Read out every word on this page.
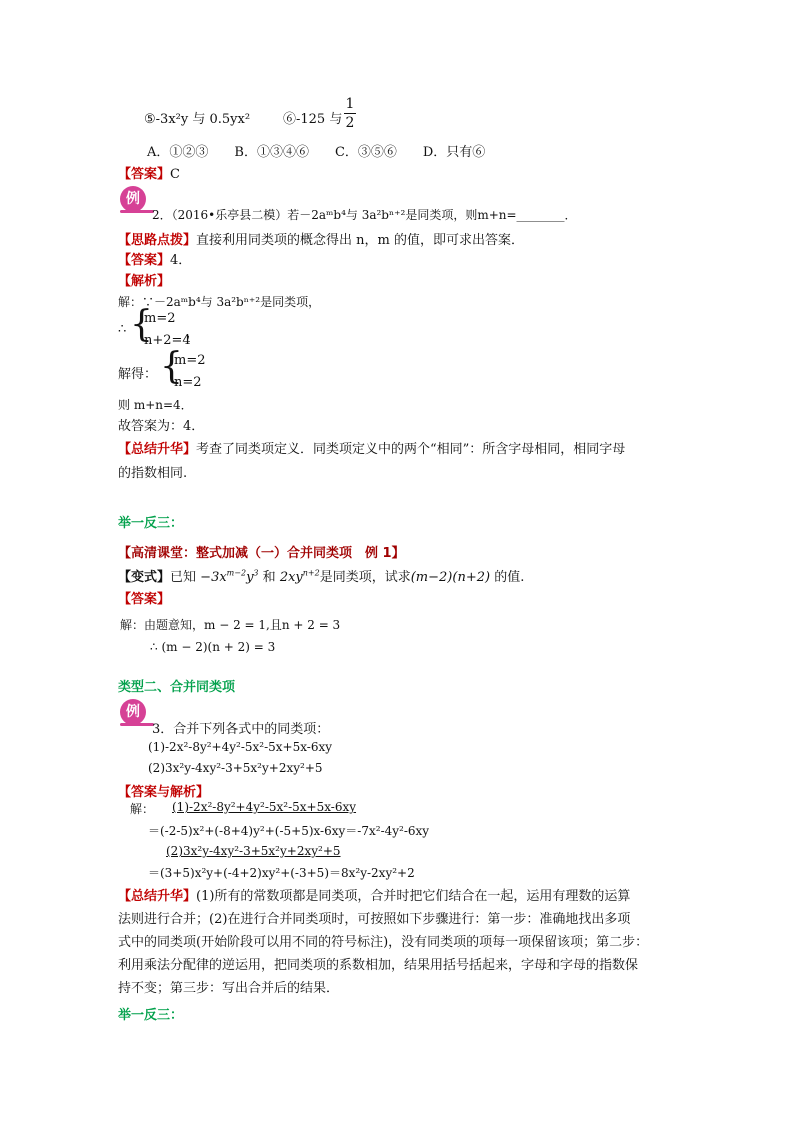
⑤-3x²y 与 0.5yx²	⑥-125 与
1
2
A．①②③　　B．①③④⑥　　C．③⑤⑥　　D．只有⑥
【答案】C
例
2．（2016•乐亭县二模）若－2aᵐb⁴与 3a²bⁿ⁺²是同类项，则m+n=________．
【思路点拨】直接利用同类项的概念得出 n，m 的值，即可求出答案．
【答案】4．
【解析】
解：∵－2aᵐb⁴与 3a²bⁿ⁺²是同类项，
∴ {
m=2
n+2=4
，
解得： {
m=2
n=2
则 m+n=4．
故答案为：4．
【总结升华】考查了同类项定义．同类项定义中的两个“相同”：所含字母相同，相同字母
的指数相同.
举一反三：
【高清课堂：整式加减（一）合并同类项　例 1】
【变式】已知 $-3x^{m-2}y^3$ 和 $2xy^{n+2}$是同类项，试求(m−2)(n+2) 的值.
【答案】
解：由题意知，m − 2 = 1,且n + 2 = 3
∴ (m − 2)(n + 2) = 3
类型二、合并同类项
例
3．合并下列各式中的同类项：
(1)-2x²-8y²+4y²-5x²-5x+5x-6xy
(2)3x²y-4xy²-3+5x²y+2xy²+5
【答案与解析】
解： (1)-2x²-8y²+4y²-5x²-5x+5x-6xy
＝(-2-5)x²+(-8+4)y²+(-5+5)x-6xy＝-7x²-4y²-6xy
(2)3x²y-4xy²-3+5x²y+2xy²+5
＝(3+5)x²y+(-4+2)xy²+(-3+5)＝8x²y-2xy²+2
【总结升华】(1)所有的常数项都是同类项，合并时把它们结合在一起，运用有理数的运算
法则进行合并；(2)在进行合并同类项时，可按照如下步骤进行：第一步：准确地找出多项
式中的同类项(开始阶段可以用不同的符号标注)，没有同类项的项每一项保留该项；第二步：
利用乘法分配律的逆运用，把同类项的系数相加，结果用括号括起来，字母和字母的指数保
持不变；第三步：写出合并后的结果．
举一反三：
